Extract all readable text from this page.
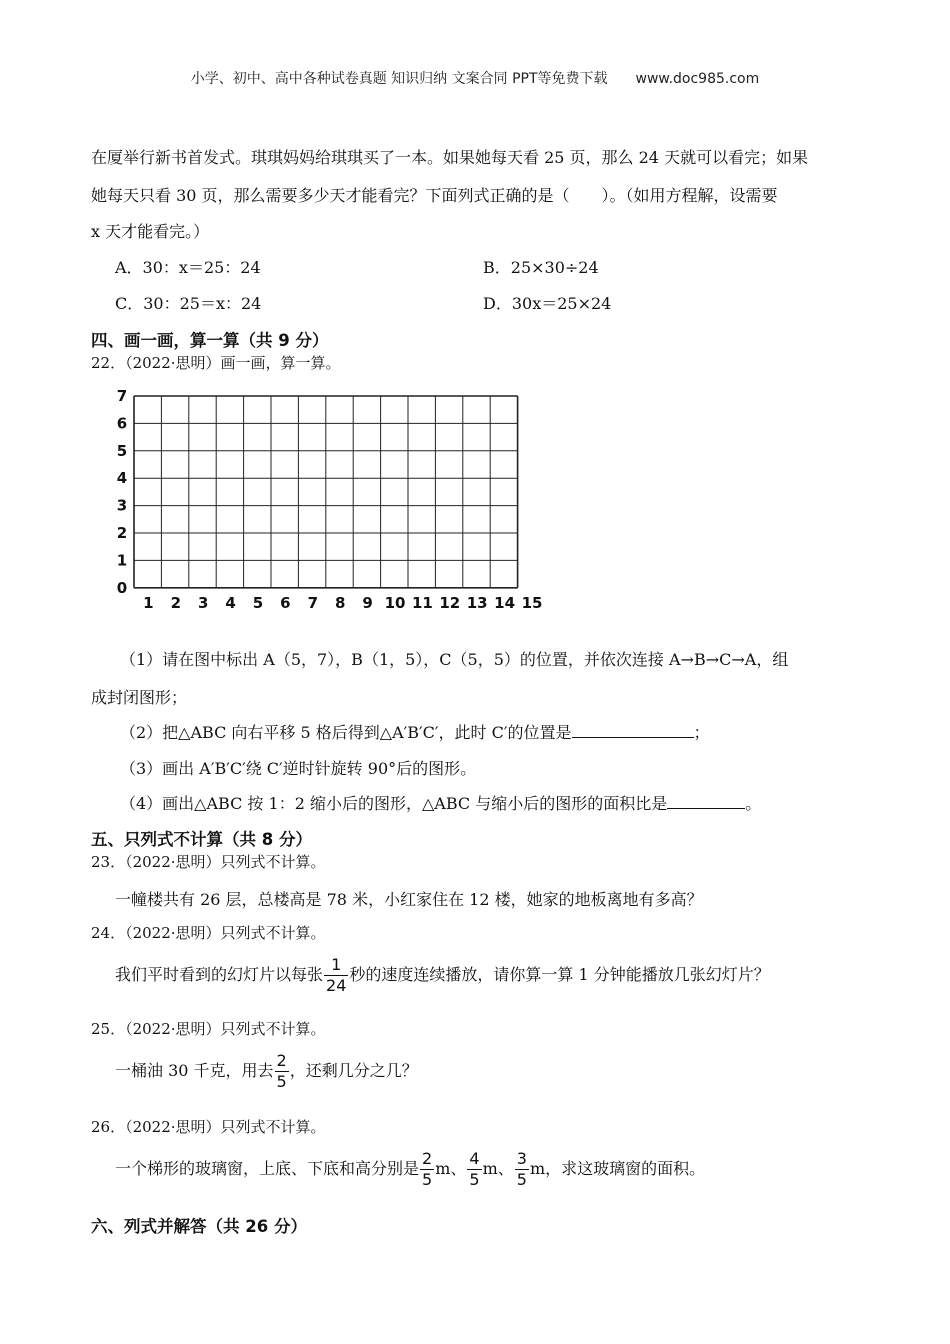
小学、初中、高中各种试卷真题 知识归纳 文案合同 PPT等免费下载 www.doc985.com
在厦举行新书首发式。琪琪妈妈给琪琪买了一本。如果她每天看 25 页，那么 24 天就可以看完；如果
她每天只看 30 页，那么需要多少天才能看完？下面列式正确的是（　　）。（如用方程解，设需要
x 天才能看完。）
A．30：x＝25：24	B．25×30÷24
C．30：25＝x：24	D．30x＝25×24
四、画一画，算一算（共 9 分）
22．（2022·思明）画一画，算一算。
1 2 3 4 5 6 7 8 9 10 11 12 13 14 15
0
1
2
3
4
5
6
7
（1）请在图中标出 A（5，7），B（1，5），C（5，5）的位置，并依次连接 A→B→C→A，组
成封闭图形；
（2）把△ABC 向右平移 5 格后得到△A′B′C′，此时 C′的位置是	；
（3）画出 A′B′C′绕 C′逆时针旋转 90°后的图形。
（4）画出△ABC 按 1：2 缩小后的图形，△ABC 与缩小后的图形的面积比是	。
五、只列式不计算（共 8 分）
23．（2022·思明）只列式不计算。
一幢楼共有 26 层，总楼高是 78 米，小红家住在 12 楼，她家的地板离地有多高？
24．（2022·思明）只列式不计算。
我们平时看到的幻灯片以每张 $\frac{1}{24}$ 秒的速度连续播放，请你算一算 1 分钟能播放几张幻灯片？
25．（2022·思明）只列式不计算。
一桶油 30 千克，用去 $\frac{2}{5}$ ，还剩几分之几？
26．（2022·思明）只列式不计算。
一个梯形的玻璃窗，上底、下底和高分别是 $\frac{2}{5}$ m、 $\frac{4}{5}$ m、 $\frac{3}{5}$ m，求这玻璃窗的面积。
六、列式并解答（共 26 分）
